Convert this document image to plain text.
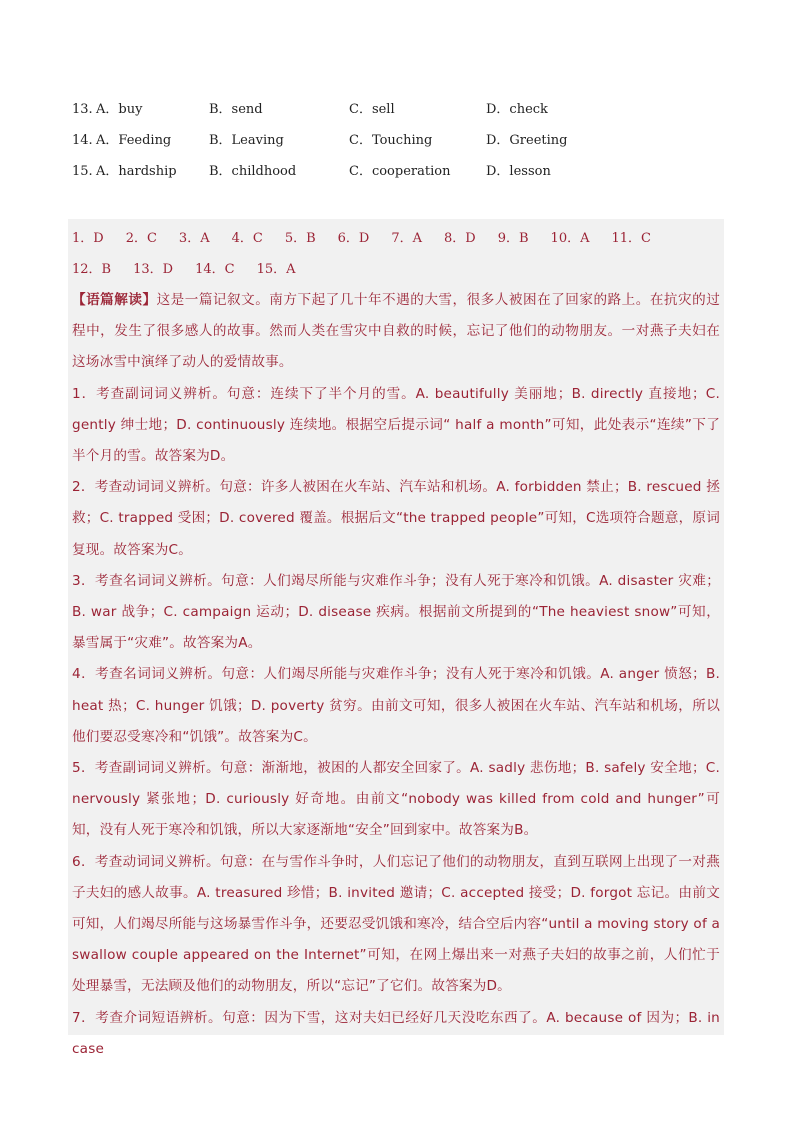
13. A．buy	B．send	C．sell	D．check
14. A．Feeding	B．Leaving	C．Touching	D．Greeting
15. A．hardship B．childhood	C．cooperation	D．lesson
1．D 2．C 3．A 4．C 5．B 6．D 7．A 8．D 9．B 10．A 11．C12．B 13．D 14．C 15．A

【语篇解读】这是一篇记叙文。南方下起了几十年不遇的大雪，很多人被困在了回家的路上。在抗灾的过程中，发生了很多感人的故事。然而人类在雪灾中自救的时候，忘记了他们的动物朋友。一对燕子夫妇在这场冰雪中演绎了动人的爱情故事。

1．考查副词词义辨析。句意：连续下了半个月的雪。A. beautifully 美丽地；B. directly 直接地；C. gently 绅士地；D. continuously 连续地。根据空后提示词“ half a month”可知，此处表示“连续”下了半个月的雪。故答案为D。

2．考查动词词义辨析。句意：许多人被困在火车站、汽车站和机场。A. forbidden 禁止；B. rescued 拯救；C. trapped 受困；D. covered 覆盖。根据后文“the trapped people”可知，C选项符合题意，原词复现。故答案为C。

3．考查名词词义辨析。句意：人们竭尽所能与灾难作斗争；没有人死于寒冷和饥饿。A. disaster 灾难；B. war 战争；C. campaign 运动；D. disease 疾病。根据前文所提到的“The heaviest snow”可知，暴雪属于“灾难”。故答案为A。

4．考查名词词义辨析。句意：人们竭尽所能与灾难作斗争；没有人死于寒冷和饥饿。A. anger 愤怒；B. heat 热；C. hunger 饥饿；D. poverty 贫穷。由前文可知，很多人被困在火车站、汽车站和机场，所以他们要忍受寒冷和“饥饿”。故答案为C。

5．考查副词词义辨析。句意：渐渐地，被困的人都安全回家了。A. sadly 悲伤地；B. safely 安全地；C. nervously 紧张地；D. curiously 好奇地。由前文“nobody was killed from cold and hunger”可知，没有人死于寒冷和饥饿，所以大家逐渐地“安全”回到家中。故答案为B。

6．考查动词词义辨析。句意：在与雪作斗争时，人们忘记了他们的动物朋友，直到互联网上出现了一对燕子夫妇的感人故事。A. treasured 珍惜；B. invited 邀请；C. accepted 接受；D. forgot 忘记。由前文可知，人们竭尽所能与这场暴雪作斗争，还要忍受饥饿和寒冷，结合空后内容“until a moving story of a swallow couple appeared on the Internet”可知，在网上爆出来一对燕子夫妇的故事之前，人们忙于处理暴雪，无法顾及他们的动物朋友，所以“忘记”了它们。故答案为D。

7．考查介词短语辨析。句意：因为下雪，这对夫妇已经好几天没吃东西了。A. because of 因为；B. in case
